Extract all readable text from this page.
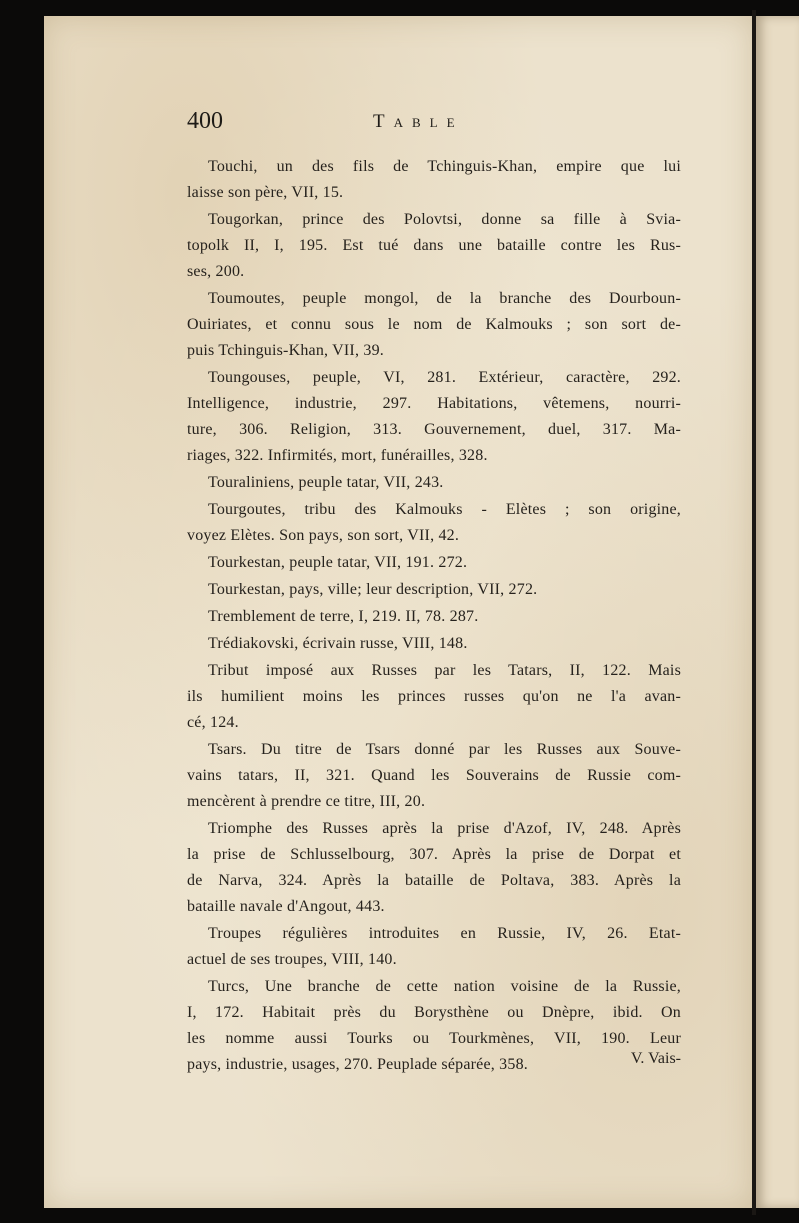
400	Table
Touchi, un des fils de Tchinguis-Khan, empire que lui
laisse son père, VII, 15.
Tougorkan, prince des Polovtsi, donne sa fille à Svia-
topolk II, I, 195. Est tué dans une bataille contre les Rus-
ses, 200.
Toumoutes, peuple mongol, de la branche des Dourboun-
Ouiriates, et connu sous le nom de Kalmouks ; son sort de-
puis Tchinguis-Khan, VII, 39.
Toungouses, peuple, VI, 281. Extérieur, caractère, 292.
Intelligence, industrie, 297. Habitations, vêtemens, nourri-
ture, 306. Religion, 313. Gouvernement, duel, 317. Ma-
riages, 322. Infirmités, mort, funérailles, 328.
Touraliniens, peuple tatar, VII, 243.
Tourgoutes, tribu des Kalmouks - Elètes ; son origine,
voyez Elètes. Son pays, son sort, VII, 42.
Tourkestan, peuple tatar, VII, 191. 272.
Tourkestan, pays, ville; leur description, VII, 272.
Tremblement de terre, I, 219. II, 78. 287.
Trédiakovski, écrivain russe, VIII, 148.
Tribut imposé aux Russes par les Tatars, II, 122. Mais
ils humilient moins les princes russes qu'on ne l'a avan-
cé, 124.
Tsars. Du titre de Tsars donné par les Russes aux Souve-
vains tatars, II, 321. Quand les Souverains de Russie com-
mencèrent à prendre ce titre, III, 20.
Triomphe des Russes après la prise d'Azof, IV, 248. Après
la prise de Schlusselbourg, 307. Après la prise de Dorpat et
de Narva, 324. Après la bataille de Poltava, 383. Après la
bataille navale d'Angout, 443.
Troupes régulières introduites en Russie, IV, 26. Etat-
actuel de ses troupes, VIII, 140.
Turcs, Une branche de cette nation voisine de la Russie,
I, 172. Habitait près du Borysthène ou Dnèpre, ibid. On
les nomme aussi Tourks ou Tourkmènes, VII, 190. Leur
pays, industrie, usages, 270. Peuplade séparée, 358.	V. Vais-
